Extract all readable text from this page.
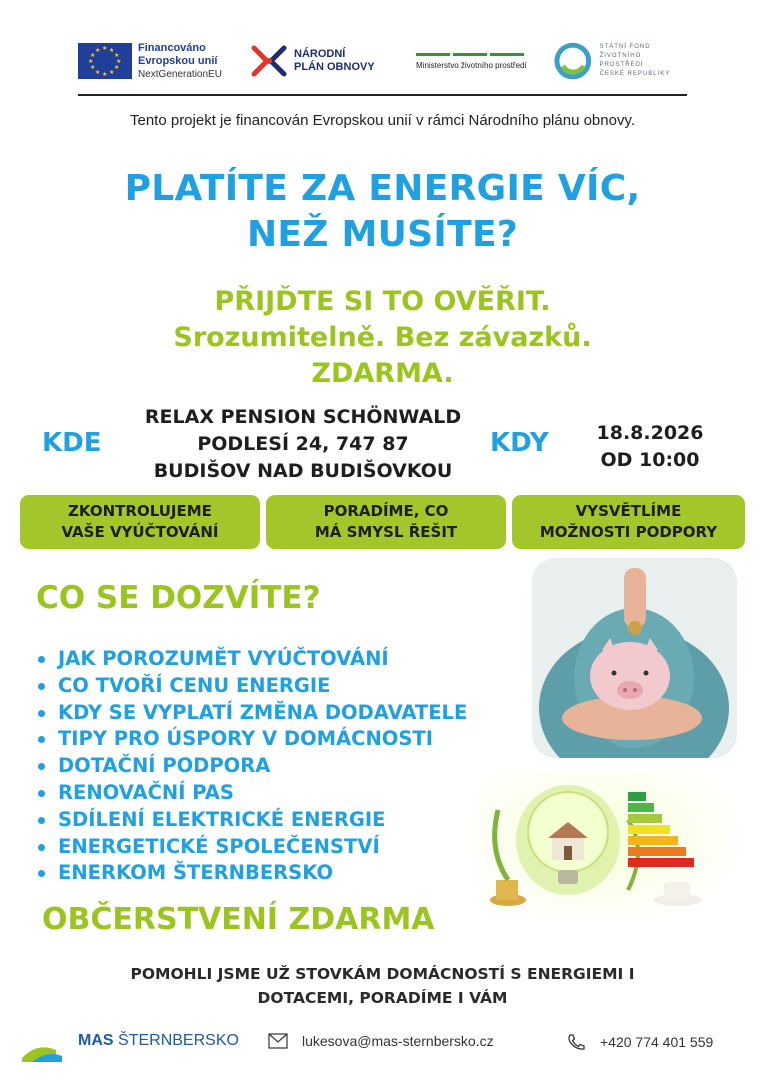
★ ★
★
★
★
★
★
★
★
★
★
★	Financováno
Evropskou unií
NextGenerationEU
NÁRODNÍ
PLÁN OBNOVY	Ministerstvo životního prostředí
STÁTNÍ FOND
ŽIVOTNÍHO PROSTŘEDÍ
ČESKÉ REPUBLIKY
Tento projekt je financován Evropskou unií v rámci Národního plánu obnovy.
PLATÍTE ZA ENERGIE VÍC,
NEŽ MUSÍTE?
PŘIJĎTE SI TO OVĚŘIT.
Srozumitelně. Bez závazků.
ZDARMA.
KDE
RELAX PENSION SCHÖNWALD
PODLESÍ 24, 747 87
BUDIŠOV NAD BUDIŠOVKOU
KDY	18.8.2026
OD 10:00
ZKONTROLUJEME
VAŠE VYÚČTOVÁNÍ
PORADÍME, CO
MÁ SMYSL ŘEŠIT
VYSVĚTLÍME
MOŽNOSTI PODPORY
CO SE DOZVÍTE?
JAK POROZUMĚT VYÚČTOVÁNÍ
CO TVOŘÍ CENU ENERGIE
KDY SE VYPLATÍ ZMĚNA DODAVATELE
TIPY PRO ÚSPORY V DOMÁCNOSTI
DOTAČNÍ PODPORA
RENOVAČNÍ PAS
SDÍLENÍ ELEKTRICKÉ ENERGIE
ENERGETICKÉ SPOLEČENSTVÍ
ENERKOM ŠTERNBERSKO
OBČERSTVENÍ ZDARMA
POMOHLI JSME UŽ STOVKÁM DOMÁCNOSTÍ S ENERGIEMI I
DOTACEMI, PORADÍME I VÁM
MAS ŠTERNBERSKO	lukesova@mas-sternbersko.cz	+420 774 401 559
